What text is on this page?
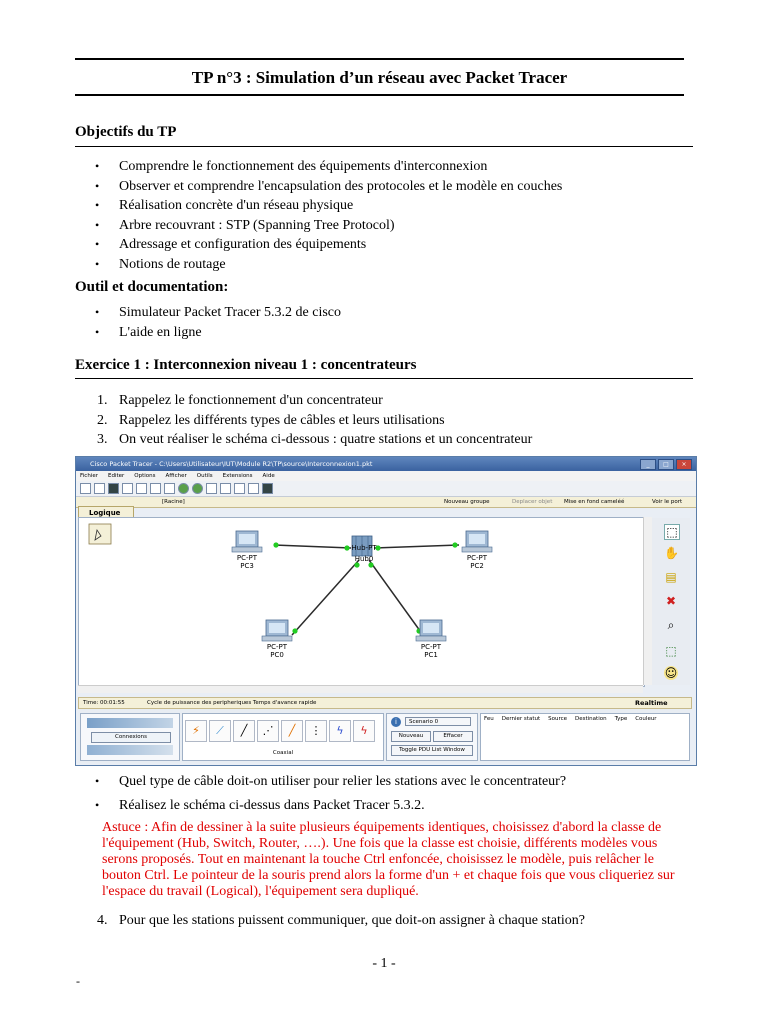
TP n°3 : Simulation d’un réseau avec Packet Tracer
Objectifs du TP
• Comprendre le fonctionnement des équipements d'interconnexion
• Observer et comprendre l'encapsulation des protocoles et le modèle en couches
• Réalisation concrète d'un réseau physique
• Arbre recouvrant : STP (Spanning Tree Protocol)
• Adressage et configuration des équipements
• Notions de routage
Outil et documentation:
• Simulateur Packet Tracer 5.3.2 de cisco
• L'aide en ligne
Exercice 1 : Interconnexion niveau 1 : concentrateurs
1. Rappelez le fonctionnement d'un concentrateur
2. Rappelez les différents types de câbles et leurs utilisations
3. On veut réaliser le schéma ci-dessous : quatre stations et un concentrateur
Cisco Packet Tracer - C:\Users\Utilisateur\IUT\Module R2\TP\source\Interconnexion1.pkt	_	□	×
Fichier Editer Options Afficher Outils Extensions Aide
[Racine]	Nouveau groupe	Deplacer objet Mise en fond cameléé	Voir le port
Logique
PC-PT
PC3
PC-PT
PC2
PC-PT
PC0
PC-PT
PC1
Hub-PT
Hub0
⬚
✋
▤
✖
⌕
⬚
☺
Time: 00:01:55	Cycle de puissance des peripheriques Temps d'avance rapide	Realtime
Connexions	⚡	⟋	╱	⋰	╱	⋮	ϟ	ϟ
Coaxial
i	Scenario 0
Nouveau	Effacer
Toggle PDU List Window
Feu Dernier statut Source Destination Type Couleur
• Quel type de câble doit-on utiliser pour relier les stations avec le concentrateur?
• Réalisez le schéma ci-dessus dans Packet Tracer 5.3.2.
Astuce : Afin de dessiner à la suite plusieurs équipements identiques, choisissez d'abord la classe de l'équipement (Hub, Switch, Router, ….). Une fois que la classe est choisie, différents modèles vous serons proposés. Tout en maintenant la touche Ctrl enfoncée, choisissez le modèle, puis relâcher le bouton Ctrl. Le pointeur de la souris prend alors la forme d'un + et chaque fois que vous cliqueriez sur l'espace du travail (Logical), l'équipement sera dupliqué.
4. Pour que les stations puissent communiquer, que doit-on assigner à chaque station?
- 1 -
-
